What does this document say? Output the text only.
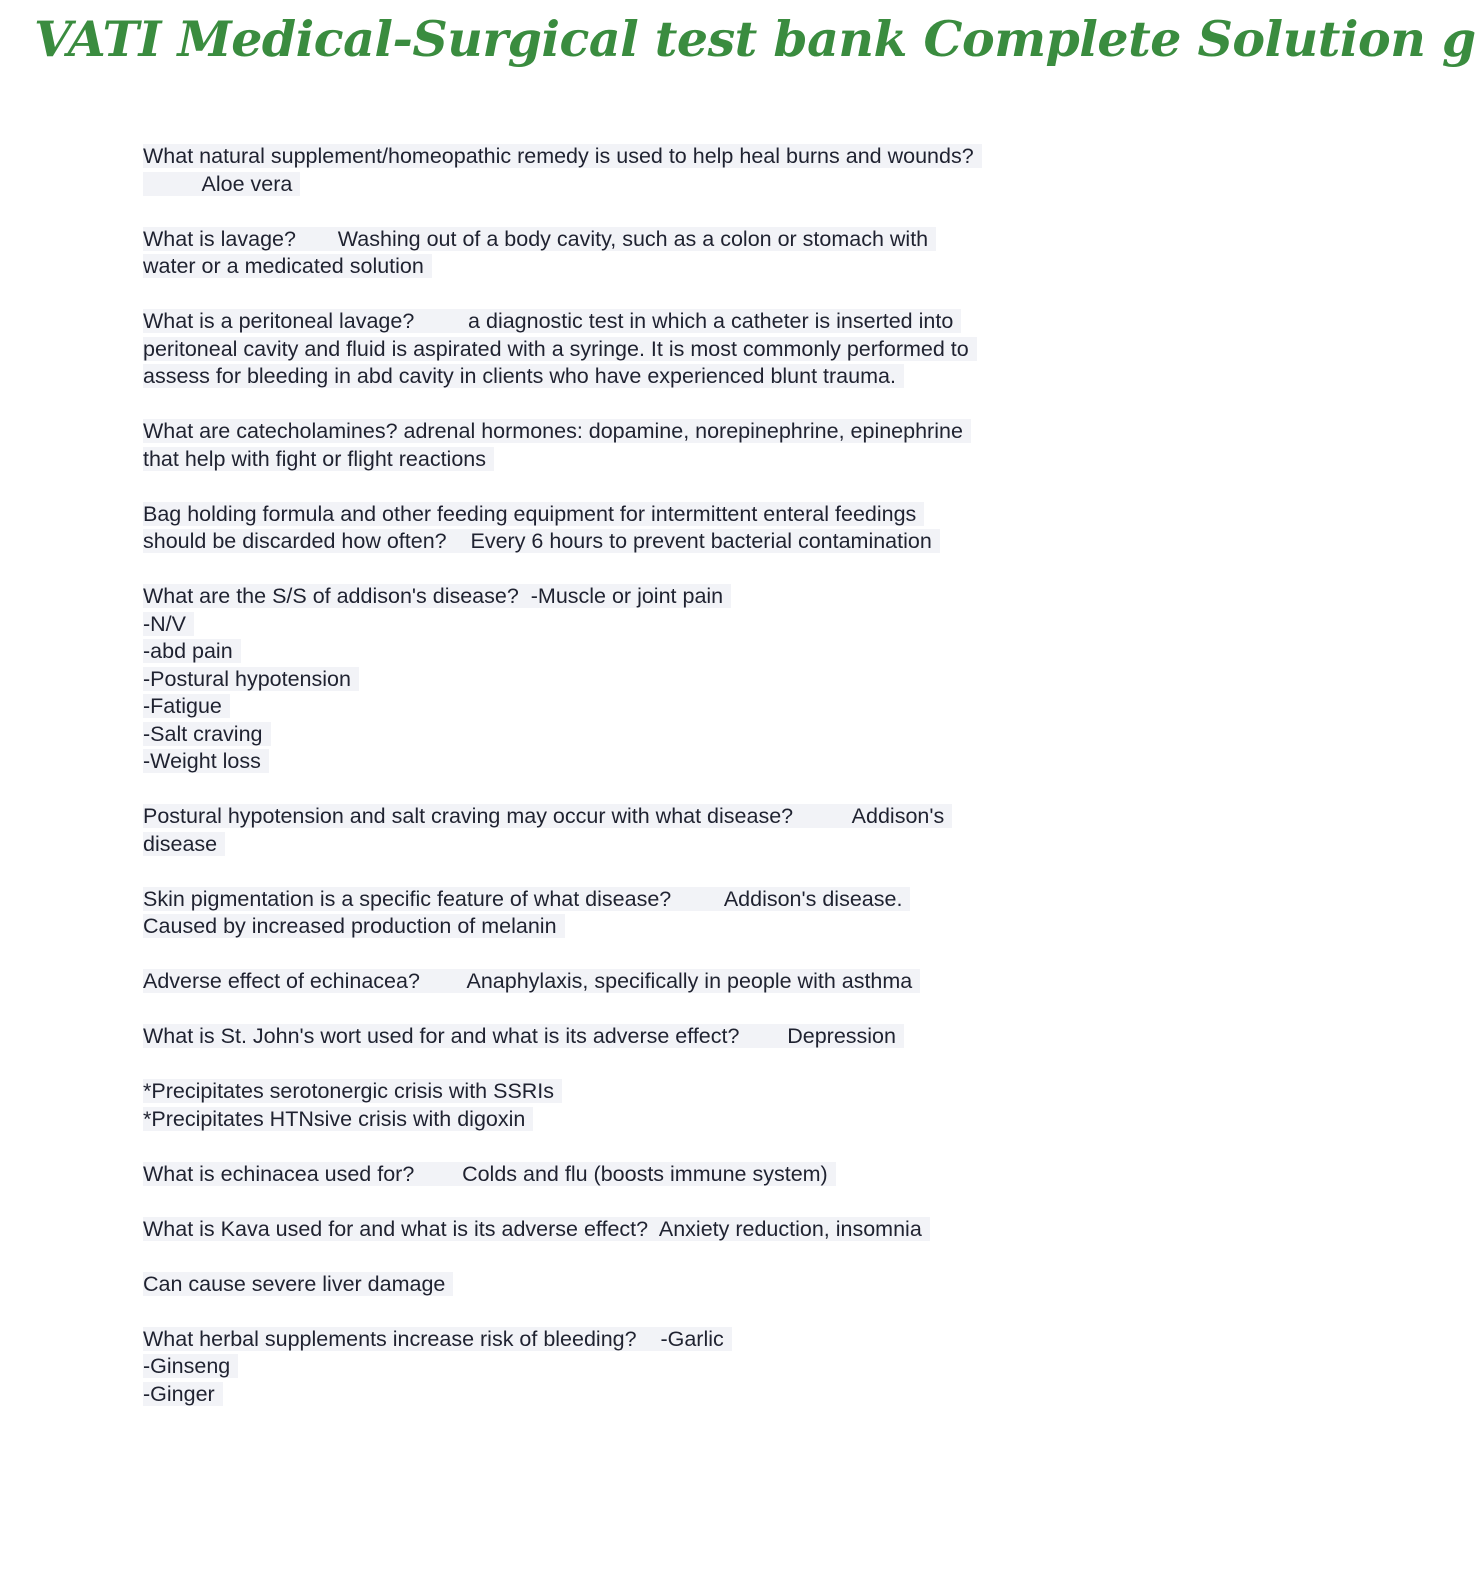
VATI Medical-Surgical test bank Complete Solution g
What natural supplement/homeopathic remedy is used to help heal burns and wounds?
Aloe vera
What is lavage?       Washing out of a body cavity, such as a colon or stomach with
water or a medicated solution
What is a peritoneal lavage?         a diagnostic test in which a catheter is inserted into
peritoneal cavity and fluid is aspirated with a syringe. It is most commonly performed to
assess for bleeding in abd cavity in clients who have experienced blunt trauma.
What are catecholamines? adrenal hormones: dopamine, norepinephrine, epinephrine
that help with fight or flight reactions
Bag holding formula and other feeding equipment for intermittent enteral feedings
should be discarded how often?    Every 6 hours to prevent bacterial contamination
What are the S/S of addison's disease?  -Muscle or joint pain
-N/V
-abd pain
-Postural hypotension
-Fatigue
-Salt craving
-Weight loss
Postural hypotension and salt craving may occur with what disease?          Addison's
disease
Skin pigmentation is a specific feature of what disease?         Addison's disease.
Caused by increased production of melanin
Adverse effect of echinacea?        Anaphylaxis, specifically in people with asthma
What is St. John's wort used for and what is its adverse effect?        Depression
*Precipitates serotonergic crisis with SSRIs
*Precipitates HTNsive crisis with digoxin
What is echinacea used for?        Colds and flu (boosts immune system)
What is Kava used for and what is its adverse effect?  Anxiety reduction, insomnia
Can cause severe liver damage
What herbal supplements increase risk of bleeding?    -Garlic
-Ginseng
-Ginger
